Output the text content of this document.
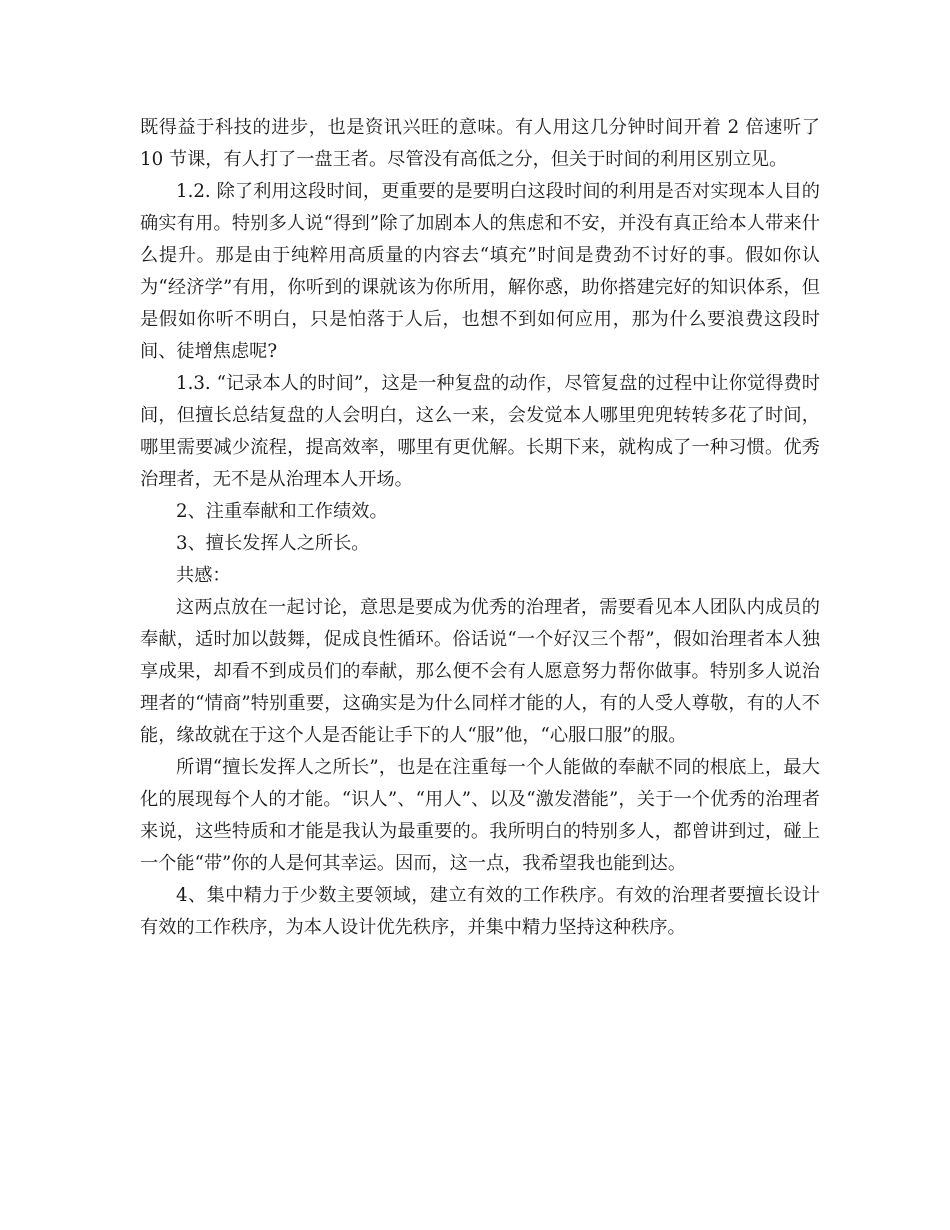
既得益于科技的进步，也是资讯兴旺的意味。有人用这几分钟时间开着 2 倍速听了 10 节课，有人打了一盘王者。尽管没有高低之分，但关于时间的利用区别立见。

1.2. 除了利用这段时间，更重要的是要明白这段时间的利用是否对实现本人目的确实有用。特别多人说“得到”除了加剧本人的焦虑和不安，并没有真正给本人带来什么提升。那是由于纯粹用高质量的内容去“填充”时间是费劲不讨好的事。假如你认为“经济学”有用，你听到的课就该为你所用，解你惑，助你搭建完好的知识体系，但是假如你听不明白，只是怕落于人后，也想不到如何应用，那为什么要浪费这段时间、徒增焦虑呢?

1.3. “记录本人的时间”，这是一种复盘的动作，尽管复盘的过程中让你觉得费时间，但擅长总结复盘的人会明白，这么一来，会发觉本人哪里兜兜转转多花了时间，哪里需要减少流程，提高效率，哪里有更优解。长期下来，就构成了一种习惯。优秀治理者，无不是从治理本人开场。

2、注重奉献和工作绩效。

3、擅长发挥人之所长。

共感：

这两点放在一起讨论，意思是要成为优秀的治理者，需要看见本人团队内成员的奉献，适时加以鼓舞，促成良性循环。俗话说“一个好汉三个帮”，假如治理者本人独享成果，却看不到成员们的奉献，那么便不会有人愿意努力帮你做事。特别多人说治理者的“情商”特别重要，这确实是为什么同样才能的人，有的人受人尊敬，有的人不能，缘故就在于这个人是否能让手下的人“服”他，“心服口服”的服。

所谓“擅长发挥人之所长”，也是在注重每一个人能做的奉献不同的根底上，最大化的展现每个人的才能。“识人”、“用人”、以及“激发潜能”，关于一个优秀的治理者来说，这些特质和才能是我认为最重要的。我所明白的特别多人，都曾讲到过，碰上一个能“带”你的人是何其幸运。因而，这一点，我希望我也能到达。

4、集中精力于少数主要领域，建立有效的工作秩序。有效的治理者要擅长设计有效的工作秩序，为本人设计优先秩序，并集中精力坚持这种秩序。
